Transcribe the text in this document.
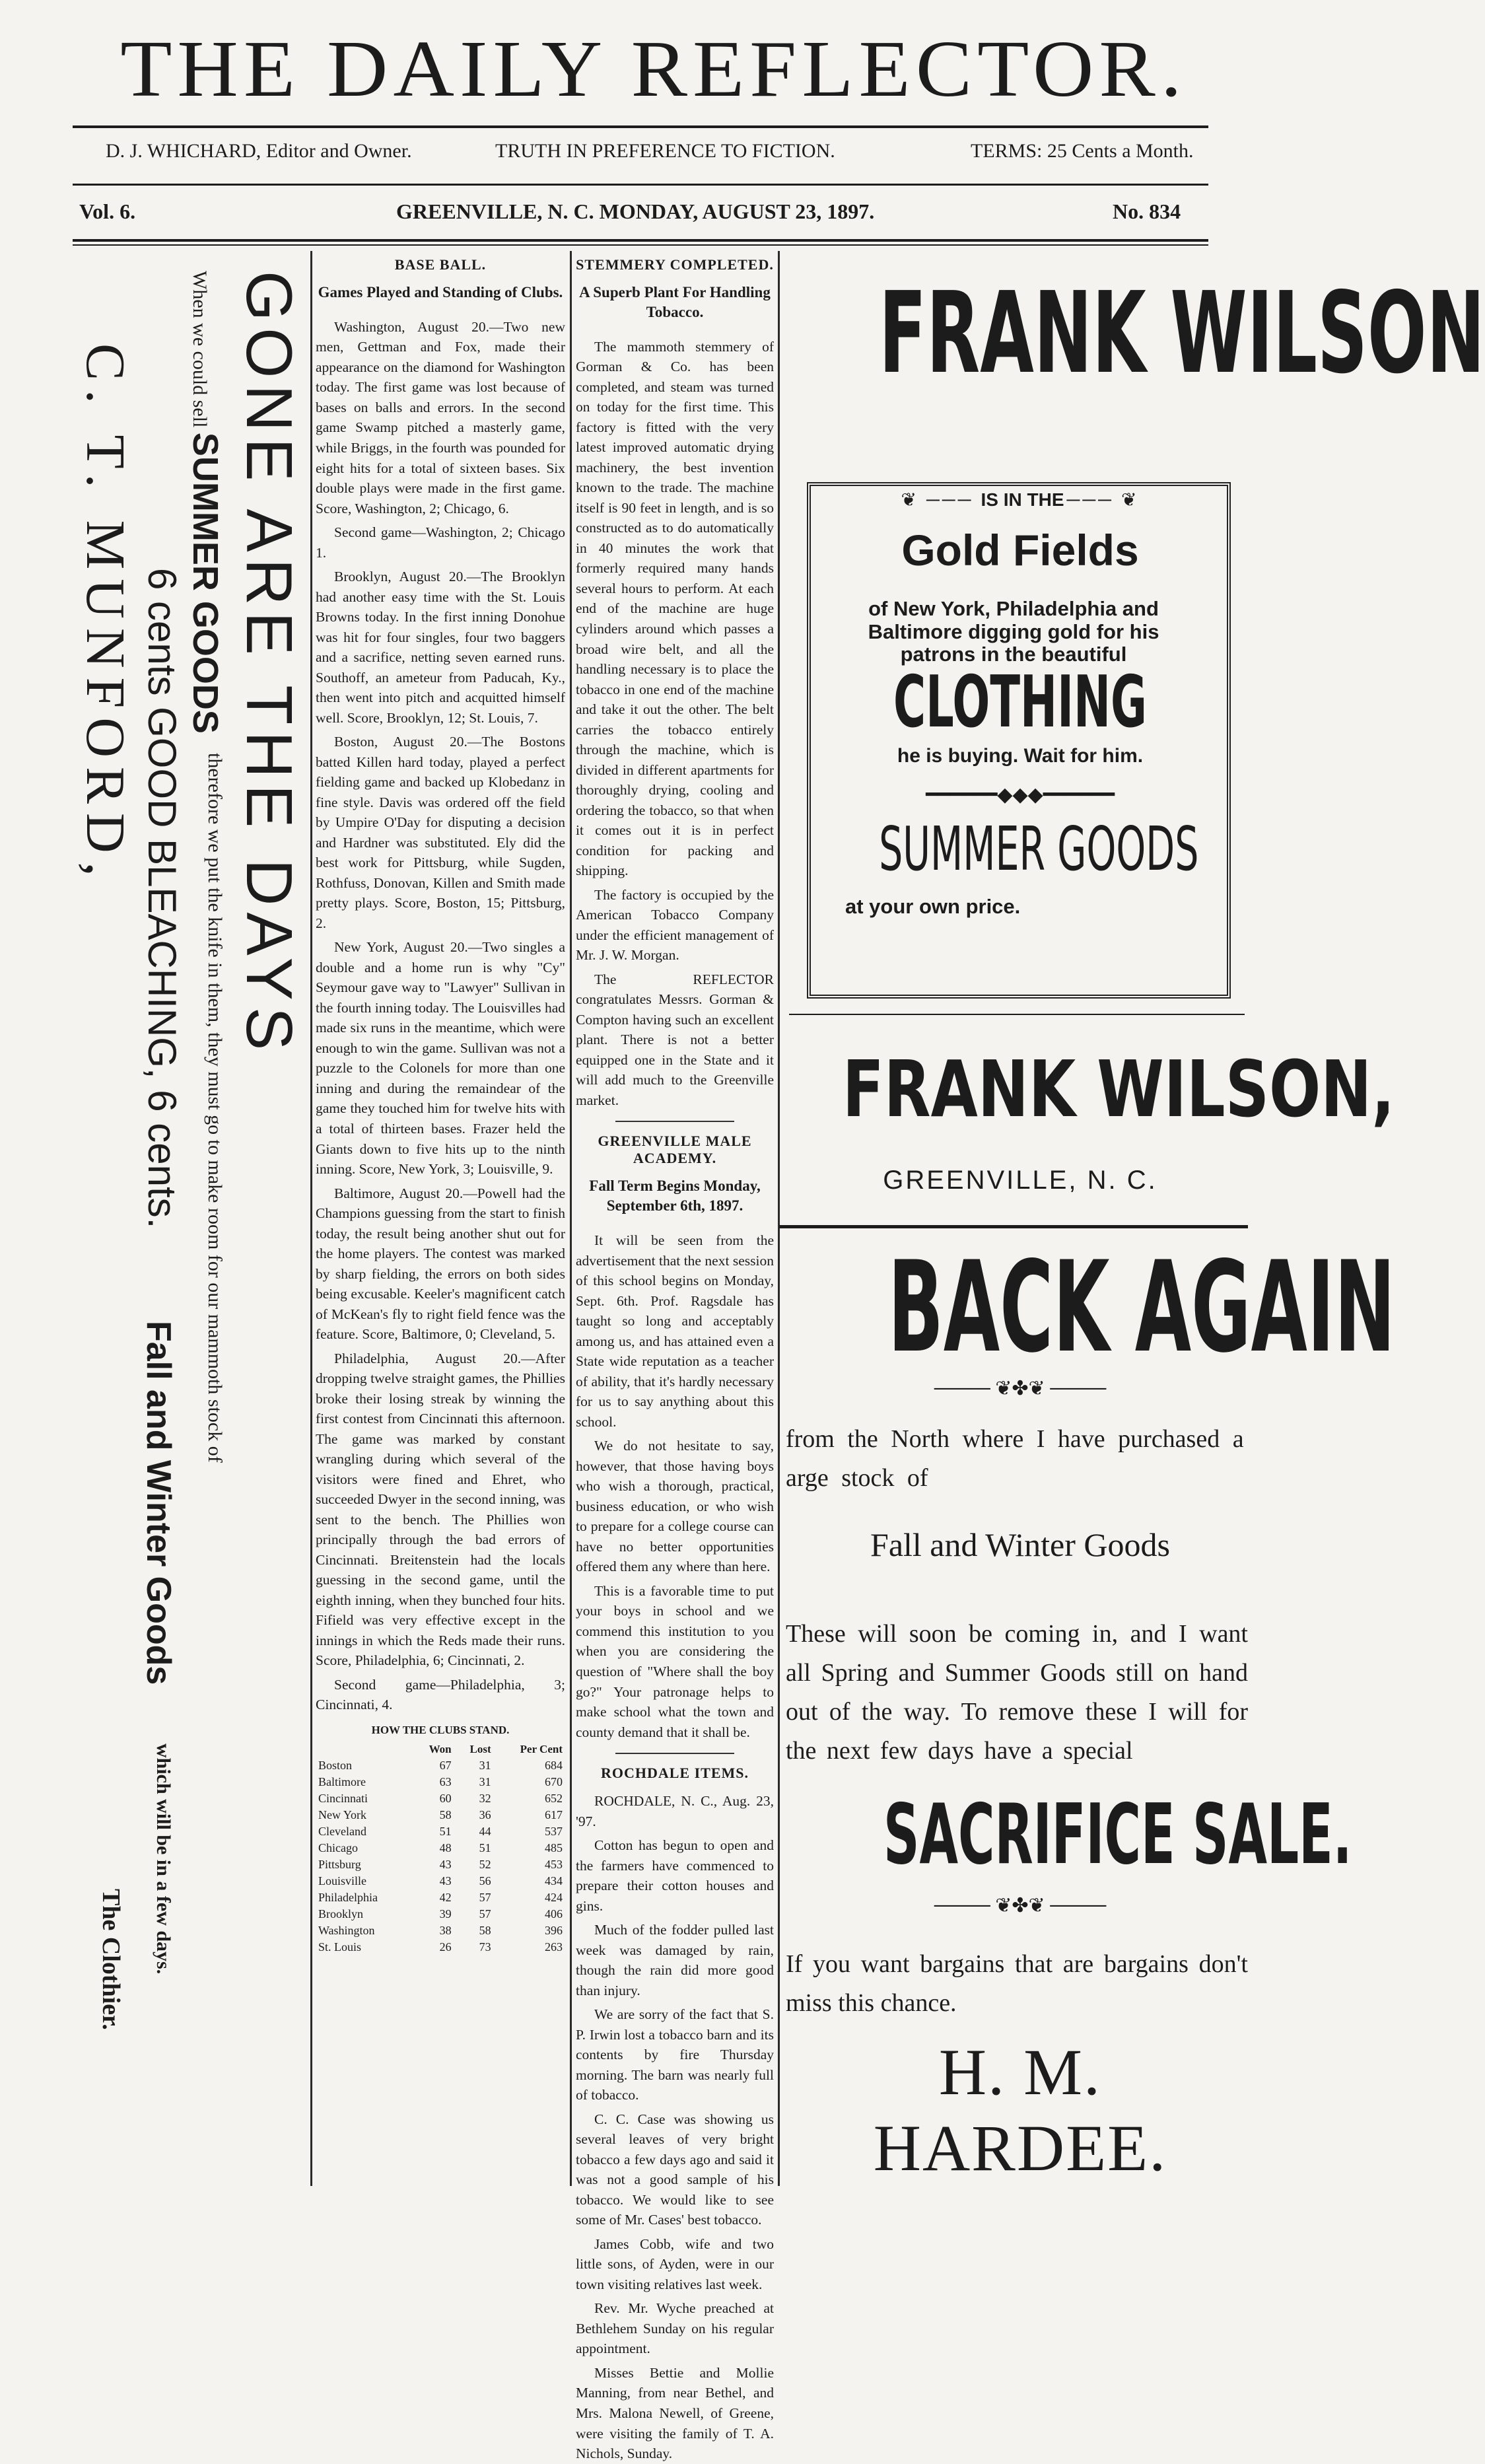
THE DAILY REFLECTOR.
D. J. WHICHARD, Editor and Owner.	TRUTH IN PREFERENCE TO FICTION.	TERMS: 25 Cents a Month.
Vol. 6.	GREENVILLE, N. C. MONDAY, AUGUST 23, 1897.	No. 834
GONE ARE THE DAYS
When we could sell SUMMER GOODS
therefore we put the knife in them, they must go to make room for our mammoth stock of
Fall and Winter Goods
which will be in a few days.
6 cents GOOD BLEACHING, 6 cents.
C. T. MUNFORD,
The Clothier.
BASE BALL.
Games Played and Standing of Clubs.

Washington, August 20.—Two new men, Gettman and Fox, made their appearance on the diamond for Washington today. The first game was lost because of bases on balls and errors. In the second game Swamp pitched a masterly game, while Briggs, in the fourth was pounded for eight hits for a total of sixteen bases. Six double plays were made in the first game. Score, Washington, 2; Chicago, 6.

Second game—Washington, 2; Chicago 1.

Brooklyn, August 20.—The Brooklyn had another easy time with the St. Louis Browns today. In the first inning Donohue was hit for four singles, four two baggers and a sacrifice, netting seven earned runs. Southoff, an ameteur from Paducah, Ky., then went into pitch and acquitted himself well. Score, Brooklyn, 12; St. Louis, 7.

Boston, August 20.—The Bostons batted Killen hard today, played a perfect fielding game and backed up Klobedanz in fine style. Davis was ordered off the field by Umpire O'Day for disputing a decision and Hardner was substituted. Ely did the best work for Pittsburg, while Sugden, Rothfuss, Donovan, Killen and Smith made pretty plays. Score, Boston, 15; Pittsburg, 2.

New York, August 20.—Two singles a double and a home run is why "Cy" Seymour gave way to "Lawyer" Sullivan in the fourth inning today. The Louisvilles had made six runs in the meantime, which were enough to win the game. Sullivan was not a puzzle to the Colonels for more than one inning and during the remaindear of the game they touched him for twelve hits with a total of thirteen bases. Frazer held the Giants down to five hits up to the ninth inning. Score, New York, 3; Louisville, 9.

Baltimore, August 20.—Powell had the Champions guessing from the start to finish today, the result being another shut out for the home players. The contest was marked by sharp fielding, the errors on both sides being excusable. Keeler's magnificent catch of McKean's fly to right field fence was the feature. Score, Baltimore, 0; Cleveland, 5.

Philadelphia, August 20.—After dropping twelve straight games, the Phillies broke their losing streak by winning the first contest from Cincinnati this afternoon. The game was marked by constant wrangling during which several of the visitors were fined and Ehret, who succeeded Dwyer in the second inning, was sent to the bench. The Phillies won principally through the bad errors of Cincinnati. Breitenstein had the locals guessing in the second game, until the eighth inning, when they bunched four hits. Fifield was very effective except in the innings in which the Reds made their runs. Score, Philadelphia, 6; Cincinnati, 2.

Second game—Philadelphia, 3; Cincinnati, 4.

HOW THE CLUBS STAND.
	Won	Lost	Per Cent
Boston	67	31	684
Baltimore	63	31	670
Cincinnati	60	32	652
New York	58	36	617
Cleveland	51	44	537
Chicago	48	51	485
Pittsburg	43	52	453
Louisville	43	56	434
Philadelphia	42	57	424
Brooklyn	39	57	406
Washington	38	58	396
St. Louis	26	73	263
STEMMERY COMPLETED.
A Superb Plant For Handling Tobacco.

The mammoth stemmery of Gorman & Co. has been completed, and steam was turned on today for the first time. This factory is fitted with the very latest improved automatic drying machinery, the best invention known to the trade. The machine itself is 90 feet in length, and is so constructed as to do automatically in 40 minutes the work that formerly required many hands several hours to perform. At each end of the machine are huge cylinders around which passes a broad wire belt, and all the handling necessary is to place the tobacco in one end of the machine and take it out the other. The belt carries the tobacco entirely through the machine, which is divided in different apartments for thoroughly drying, cooling and ordering the tobacco, so that when it comes out it is in perfect condition for packing and shipping.

The factory is occupied by the American Tobacco Company under the efficient management of Mr. J. W. Morgan.

The REFLECTOR congratulates Messrs. Gorman & Compton having such an excellent plant. There is not a better equipped one in the State and it will add much to the Greenville market.

GREENVILLE MALE ACADEMY.
Fall Term Begins Monday, September 6th, 1897.

It will be seen from the advertisement that the next session of this school begins on Monday, Sept. 6th. Prof. Ragsdale has taught so long and acceptably among us, and has attained even a State wide reputation as a teacher of ability, that it's hardly necessary for us to say anything about this school.

We do not hesitate to say, however, that those having boys who wish a thorough, practical, business education, or who wish to prepare for a college course can have no better opportunities offered them any where than here.

This is a favorable time to put your boys in school and we commend this institution to you when you are considering the question of "Where shall the boy go?" Your patronage helps to make school what the town and county demand that it shall be.

ROCHDALE ITEMS.

ROCHDALE, N. C., Aug. 23, '97.

Cotton has begun to open and the farmers have commenced to prepare their cotton houses and gins.

Much of the fodder pulled last week was damaged by rain, though the rain did more good than injury.

We are sorry of the fact that S. P. Irwin lost a tobacco barn and its contents by fire Thursday morning. The barn was nearly full of tobacco.

C. C. Case was showing us several leaves of very bright tobacco a few days ago and said it was not a good sample of his tobacco. We would like to see some of Mr. Cases' best tobacco.

James Cobb, wife and two little sons, of Ayden, were in our town visiting relatives last week.

Rev. Mr. Wyche preached at Bethlehem Sunday on his regular appointment.

Misses Bettie and Mollie Manning, from near Bethel, and Mrs. Malona Newell, of Greene, were visiting the family of T. A. Nichols, Sunday.

FRANK WILSON
❦ ─── IS IN THE ─── ❦
Gold Fields
of New York, Philadelphia and Baltimore digging gold for his patrons in the beautiful
CLOTHING
he is buying. Wait for him.
━━━━━━◆◆◆━━━━━━
SUMMER GOODS
at your own price.
FRANK WILSON,
GREENVILLE, N. C.
BACK AGAIN
──── ❦✤❦ ────
from the North where I have purchased a arge stock of
Fall and Winter Goods
These will soon be coming in, and I want all Spring and Summer Goods still on hand out of the way. To remove these I will for the next few days have a special
SACRIFICE SALE.
──── ❦✤❦ ────
If you want bargains that are bargains don't miss this chance.
H. M. HARDEE.
